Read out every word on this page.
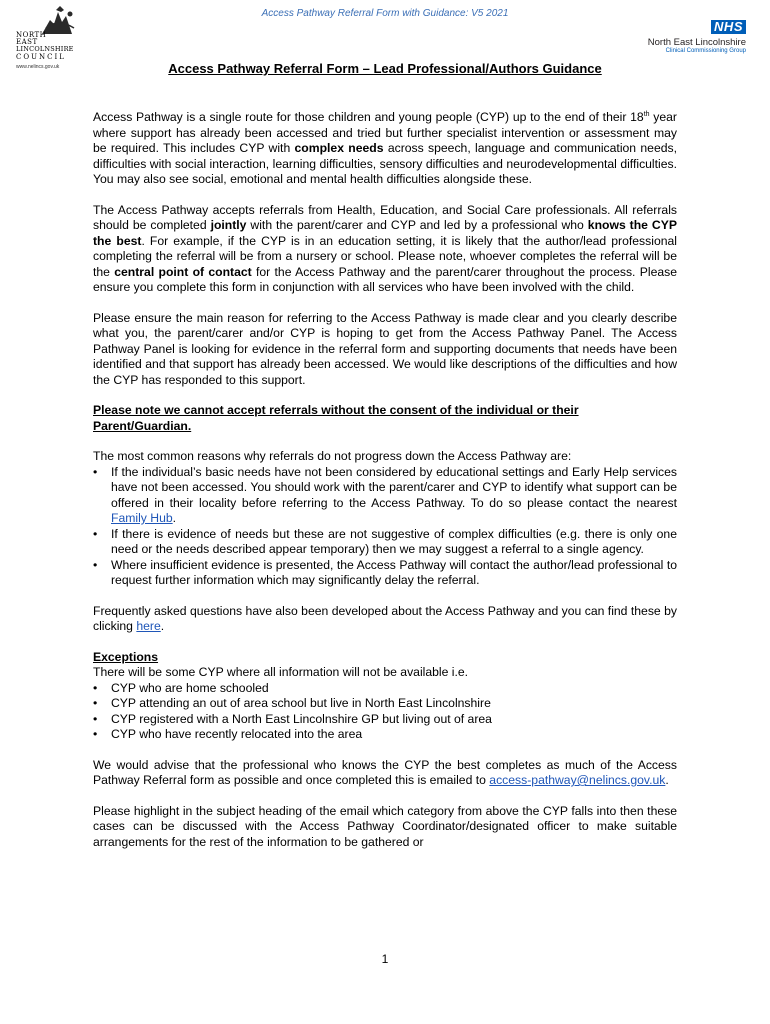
Access Pathway Referral Form with Guidance: V5 2021
NORTH
EAST
LINCOLNSHIRE
COUNCIL
www.nelincs.gov.uk
NHS
North East Lincolnshire
Clinical Commissioning Group
Access Pathway Referral Form – Lead Professional/Authors Guidance

Access Pathway is a single route for those children and young people (CYP) up to the end of their 18th year where support has already been accessed and tried but further specialist intervention or assessment may be required. This includes CYP with complex needs across speech, language and communication needs, difficulties with social interaction, learning difficulties, sensory difficulties and neurodevelopmental difficulties. You may also see social, emotional and mental health difficulties alongside these.

The Access Pathway accepts referrals from Health, Education, and Social Care professionals. All referrals should be completed jointly with the parent/carer and CYP and led by a professional who knows the CYP the best. For example, if the CYP is in an education setting, it is likely that the author/lead professional completing the referral will be from a nursery or school. Please note, whoever completes the referral will be the central point of contact for the Access Pathway and the parent/carer throughout the process. Please ensure you complete this form in conjunction with all services who have been involved with the child.

Please ensure the main reason for referring to the Access Pathway is made clear and you clearly describe what you, the parent/carer and/or CYP is hoping to get from the Access Pathway Panel. The Access Pathway Panel is looking for evidence in the referral form and supporting documents that needs have been identified and that support has already been accessed. We would like descriptions of the difficulties and how the CYP has responded to this support.

Please note we cannot accept referrals without the consent of the individual or their Parent/Guardian.

The most common reasons why referrals do not progress down the Access Pathway are:

• If the individual’s basic needs have not been considered by educational settings and Early Help services have not been accessed. You should work with the parent/carer and CYP to identify what support can be offered in their locality before referring to the Access Pathway. To do so please contact the nearest Family Hub.
• If there is evidence of needs but these are not suggestive of complex difficulties (e.g. there is only one need or the needs described appear temporary) then we may suggest a referral to a single agency.
• Where insufficient evidence is presented, the Access Pathway will contact the author/lead professional to request further information which may significantly delay the referral.

Frequently asked questions have also been developed about the Access Pathway and you can find these by clicking here.

Exceptions
There will be some CYP where all information will not be available i.e.
• CYP who are home schooled
• CYP attending an out of area school but live in North East Lincolnshire
• CYP registered with a North East Lincolnshire GP but living out of area
• CYP who have recently relocated into the area

We would advise that the professional who knows the CYP the best completes as much of the Access Pathway Referral form as possible and once completed this is emailed to access-pathway@nelincs.gov.uk.

Please highlight in the subject heading of the email which category from above the CYP falls into then these cases can be discussed with the Access Pathway Coordinator/designated officer to make suitable arrangements for the rest of the information to be gathered or

1
